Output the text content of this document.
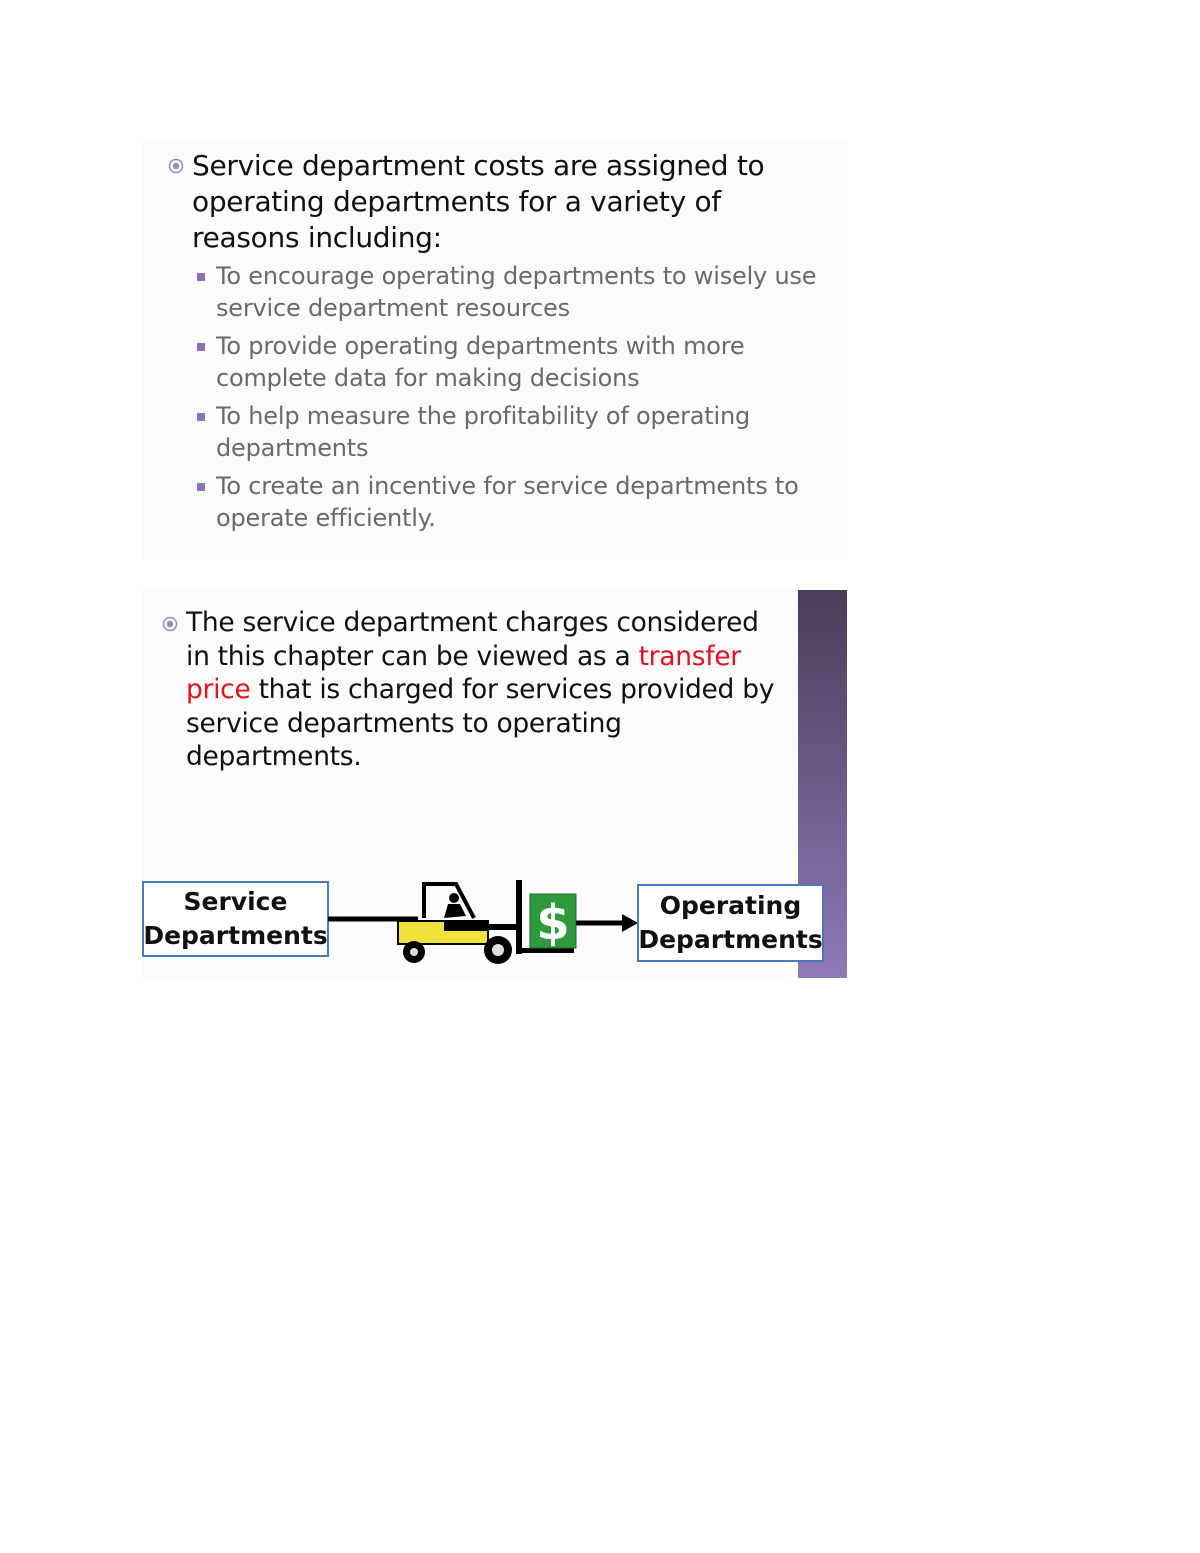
Service department costs are assigned to operating departments for a variety of reasons including:
To encourage operating departments to wisely use service department resources
To provide operating departments with more complete data for making decisions
To help measure the profitability of operating departments
To create an incentive for service departments to operate efficiently.
The service department charges considered in this chapter can be viewed as a transfer price that is charged for services provided by service departments to operating departments.
Service Departments	$	Operating Departments
